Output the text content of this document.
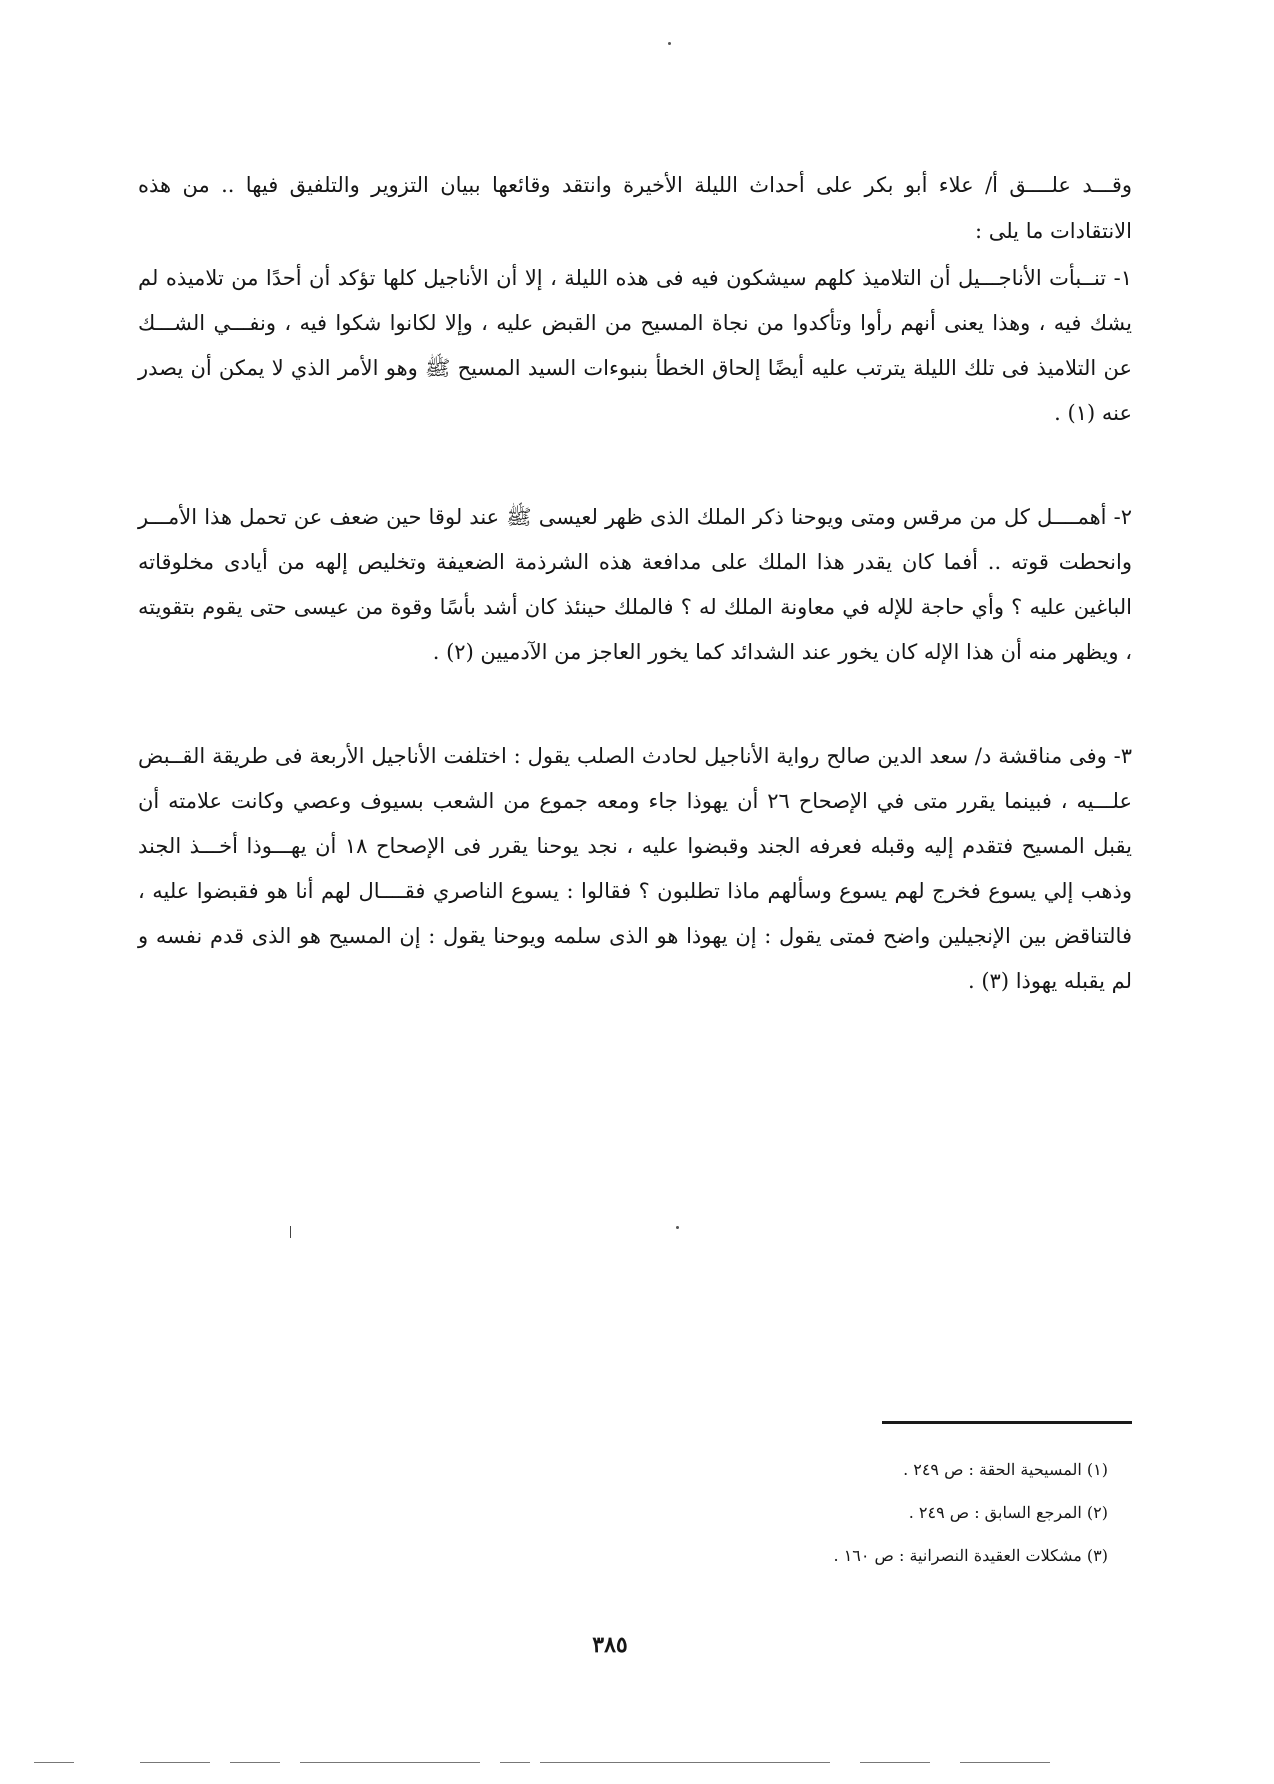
وقـــد علــــق أ/ علاء أبو بكر على أحداث الليلة الأخيرة وانتقد وقائعها ببيان التزوير والتلفيق فيها .. من هذه الانتقادات ما يلى :

١- تنــبأت الأناجـــيل أن التلاميذ كلهم سيشكون فيه فى هذه الليلة ، إلا أن الأناجيل كلها تؤكد أن أحدًا من تلاميذه لم يشك فيه ، وهذا يعنى أنهم رأوا وتأكدوا من نجاة المسيح من القبض عليه ، وإلا لكانوا شكوا فيه ، ونفـــي الشـــك عن التلاميذ فى تلك الليلة يترتب عليه أيضًا إلحاق الخطأ بنبوءات السيد المسيح ﷺ وهو الأمر الذي لا يمكن أن يصدر عنه (١) .
٢- أهمــــل كل من مرقس ومتى ويوحنا ذكر الملك الذى ظهر لعيسى ﷺ عند لوقا حين ضعف عن تحمل هذا الأمـــر وانحطت قوته .. أفما كان يقدر هذا الملك على مدافعة هذه الشرذمة الضعيفة وتخليص إلهه من أيادى مخلوقاته الباغين عليه ؟ وأي حاجة للإله في معاونة الملك له ؟ فالملك حينئذ كان أشد بأسًا وقوة من عيسى حتى يقوم بتقويته ، ويظهر منه أن هذا الإله كان يخور عند الشدائد كما يخور العاجز من الآدميين (٢) .
٣- وفى مناقشة د/ سعد الدين صالح رواية الأناجيل لحادث الصلب يقول : اختلفت الأناجيل الأربعة فى طريقة القــبض علـــيه ، فبينما يقرر متى في الإصحاح ٢٦ أن يهوذا جاء ومعه جموع من الشعب بسيوف وعصي وكانت علامته أن يقبل المسيح فتقدم إليه وقبله فعرفه الجند وقبضوا عليه ، نجد يوحنا يقرر فى الإصحاح ١٨ أن يهـــوذا أخـــذ الجند وذهب إلي يسوع فخرج لهم يسوع وسألهم ماذا تطلبون ؟ فقالوا : يسوع الناصري فقــــال لهم أنا هو فقبضوا عليه ، فالتناقض بين الإنجيلين واضح فمتى يقول : إن يهوذا هو الذى سلمه ويوحنا يقول : إن المسيح هو الذى قدم نفسه و لم يقبله يهوذا (٣) .
(١) المسيحية الحقة : ص ٢٤٩ .
(٢) المرجع السابق : ص ٢٤٩ .
(٣) مشكلات العقيدة النصرانية : ص ١٦٠ .
٣٨٥
